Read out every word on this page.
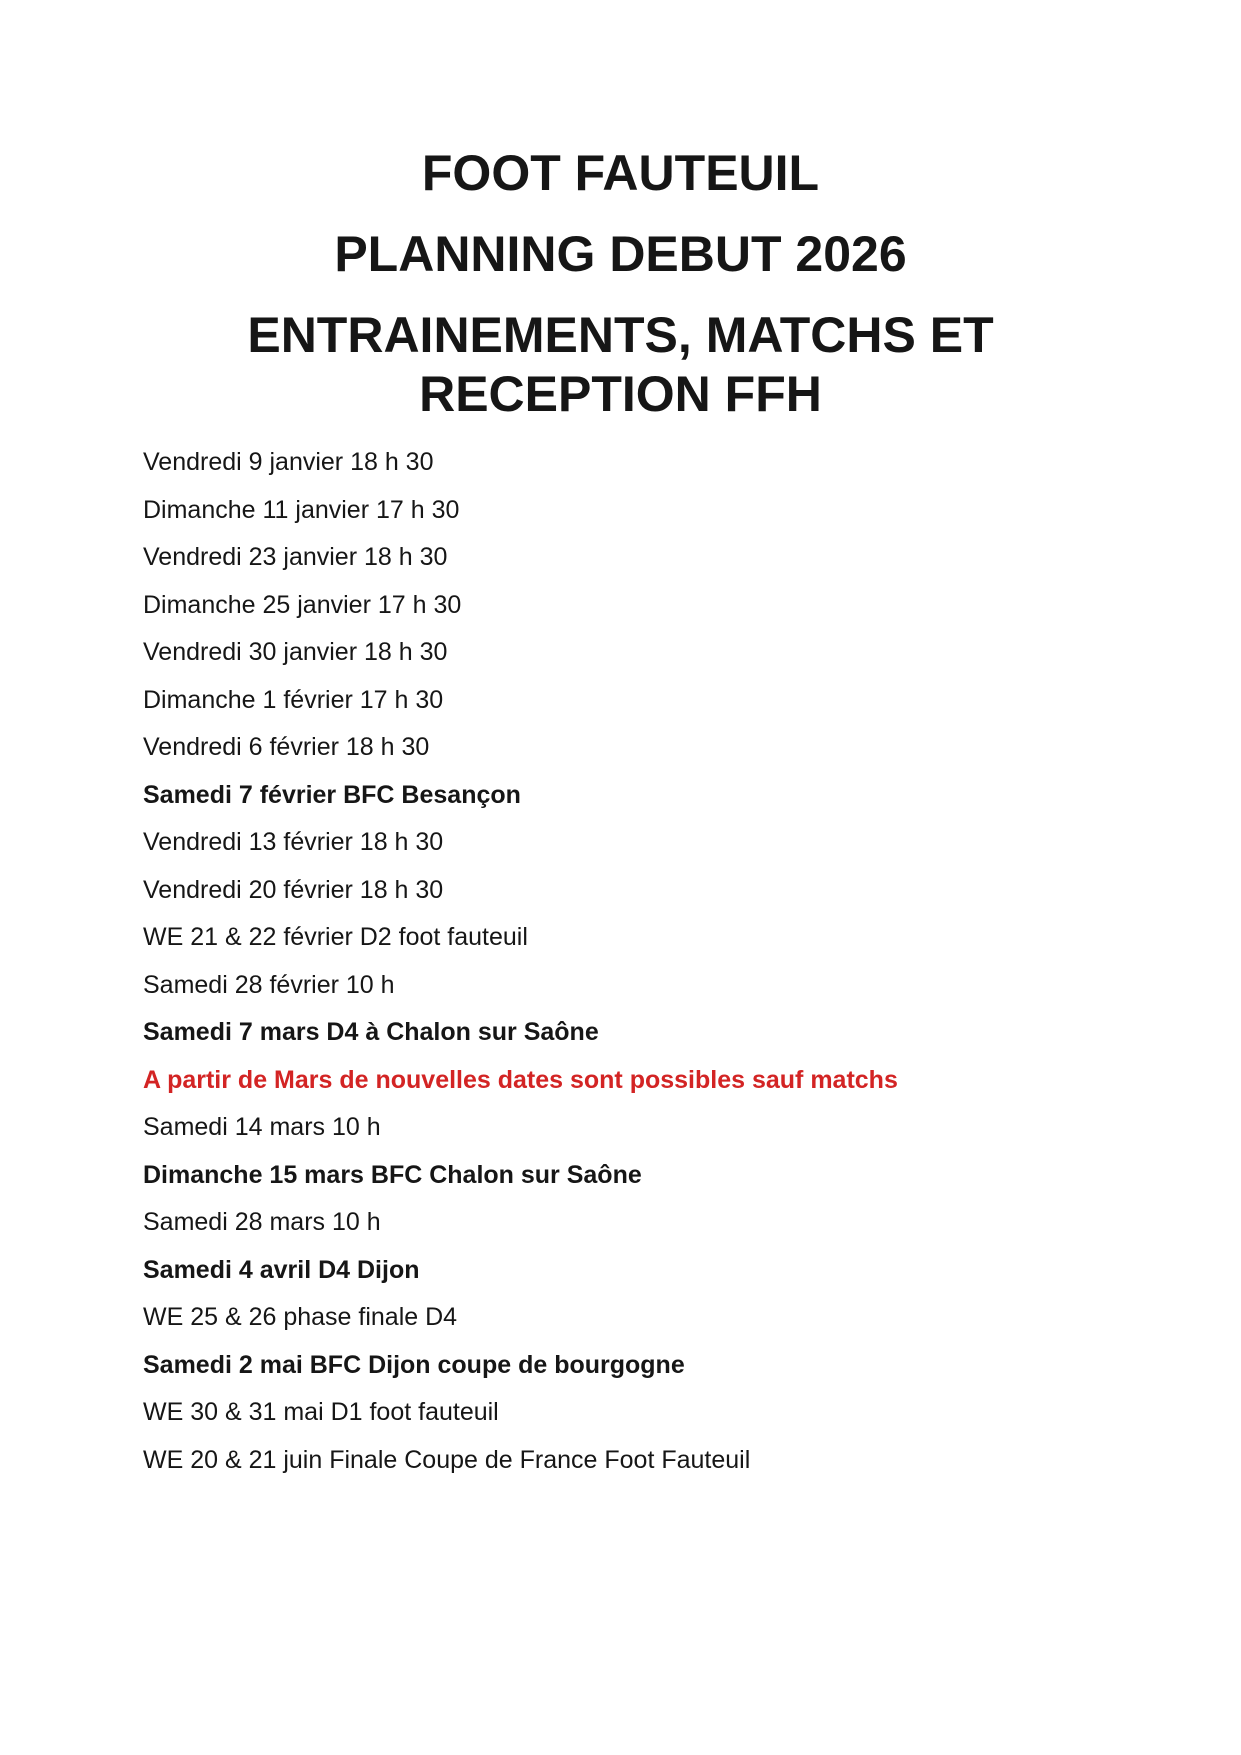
FOOT FAUTEUIL
PLANNING DEBUT 2026
ENTRAINEMENTS, MATCHS ET RECEPTION FFH
Vendredi 9 janvier 18 h 30
Dimanche 11 janvier 17 h 30
Vendredi 23 janvier 18 h 30
Dimanche 25 janvier 17 h 30
Vendredi 30 janvier 18 h 30
Dimanche 1 février 17 h 30
Vendredi 6 février 18 h 30
Samedi 7 février BFC Besançon
Vendredi 13 février 18 h 30
Vendredi 20 février 18 h 30
WE 21 & 22 février D2 foot fauteuil
Samedi 28 février 10 h
Samedi 7 mars D4 à Chalon sur Saône
A partir de Mars de nouvelles dates sont possibles sauf matchs
Samedi 14 mars 10 h
Dimanche 15 mars BFC Chalon sur Saône
Samedi 28 mars 10 h
Samedi 4 avril D4 Dijon
WE 25 & 26 phase finale D4
Samedi 2 mai BFC Dijon coupe de bourgogne
WE 30 & 31 mai D1 foot fauteuil
WE 20 & 21 juin Finale Coupe de France Foot Fauteuil
